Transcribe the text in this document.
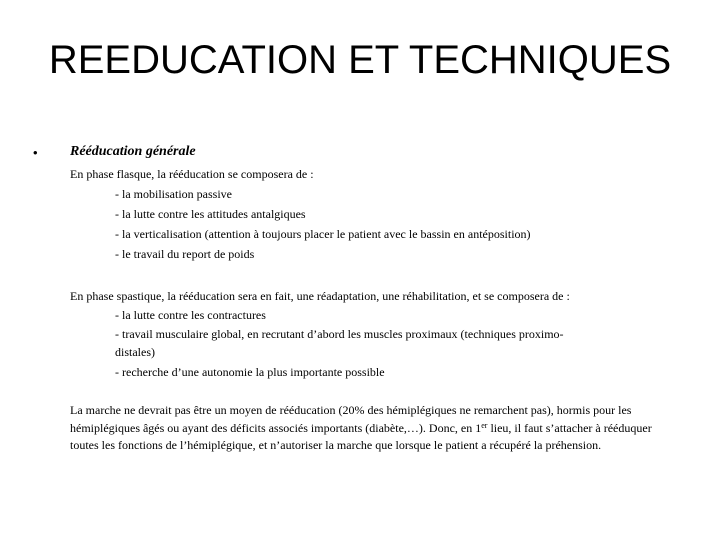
REEDUCATION ET TECHNIQUES
• Rééducation générale
En phase flasque, la rééducation se composera de :
- la mobilisation passive
- la lutte contre les attitudes antalgiques
- la verticalisation (attention à toujours placer le patient avec le bassin en antéposition)
- le travail du report de poids
En phase spastique, la rééducation sera en fait, une réadaptation, une réhabilitation, et se composera de :
- la lutte contre les contractures
- travail musculaire global, en recrutant d’abord les muscles proximaux (techniques proximo-
distales)
- recherche d’une autonomie la plus importante possible
La marche ne devrait pas être un moyen de rééducation (20% des hémiplégiques ne remarchent pas), hormis pour les hémiplégiques âgés ou ayant des déficits associés importants (diabète,…). Donc, en 1er lieu, il faut s’attacher à rééduquer toutes les fonctions de l’hémiplégique, et n’autoriser la marche que lorsque le patient a récupéré la préhension.
